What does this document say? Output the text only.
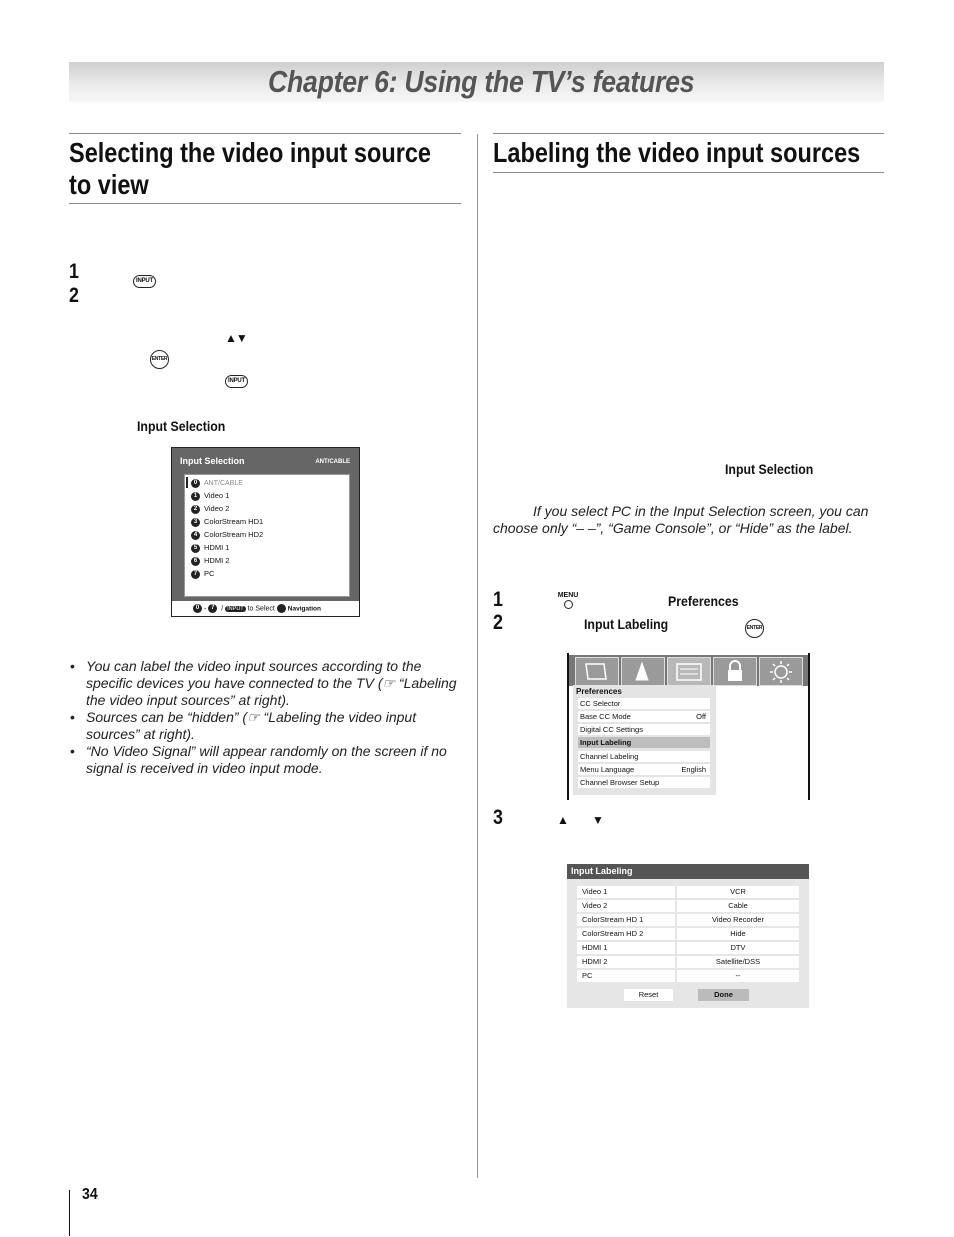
Chapter 6: Using the TV’s features
Selecting the video input source
to view
1	INPUT
2
▲▼
ENTER
INPUT
Input Selection
Input Selection	ANT/CABLE
0 ANT/CABLE
1 Video 1
2 Video 2
3 ColorStream HD1
4 ColorStream HD2
5 HDMI 1
6 HDMI 2
7 PC
0 - 7 / INPUT to Select Navigation
• You can label the video input sources according to the specific devices you have connected to the TV (☞ “Labeling the video input sources” at right).
• Sources can be “hidden” (☞ “Labeling the video input sources” at right).
• “No Video Signal” will appear randomly on the screen if no signal is received in video input mode.
Labeling the video input sources
Input Selection
If you select PC in the Input Selection screen, you can choose only “– –”, “Game Console”, or “Hide” as the label.
1	MENU	Preferences
2	Input Labeling	ENTER
Preferences
CC Selector
Base CC Mode	Off
Digital CC Settings
Input Labeling
Channel Labeling
Menu Language	English
Channel Browser Setup
3	▲ ▼
Input Labeling
Video 1	VCR
Video 2	Cable
ColorStream HD 1	Video Recorder
ColorStream HD 2	Hide
HDMI 1	DTV
HDMI 2	Satellite/DSS
PC	--
Reset	Done
34
